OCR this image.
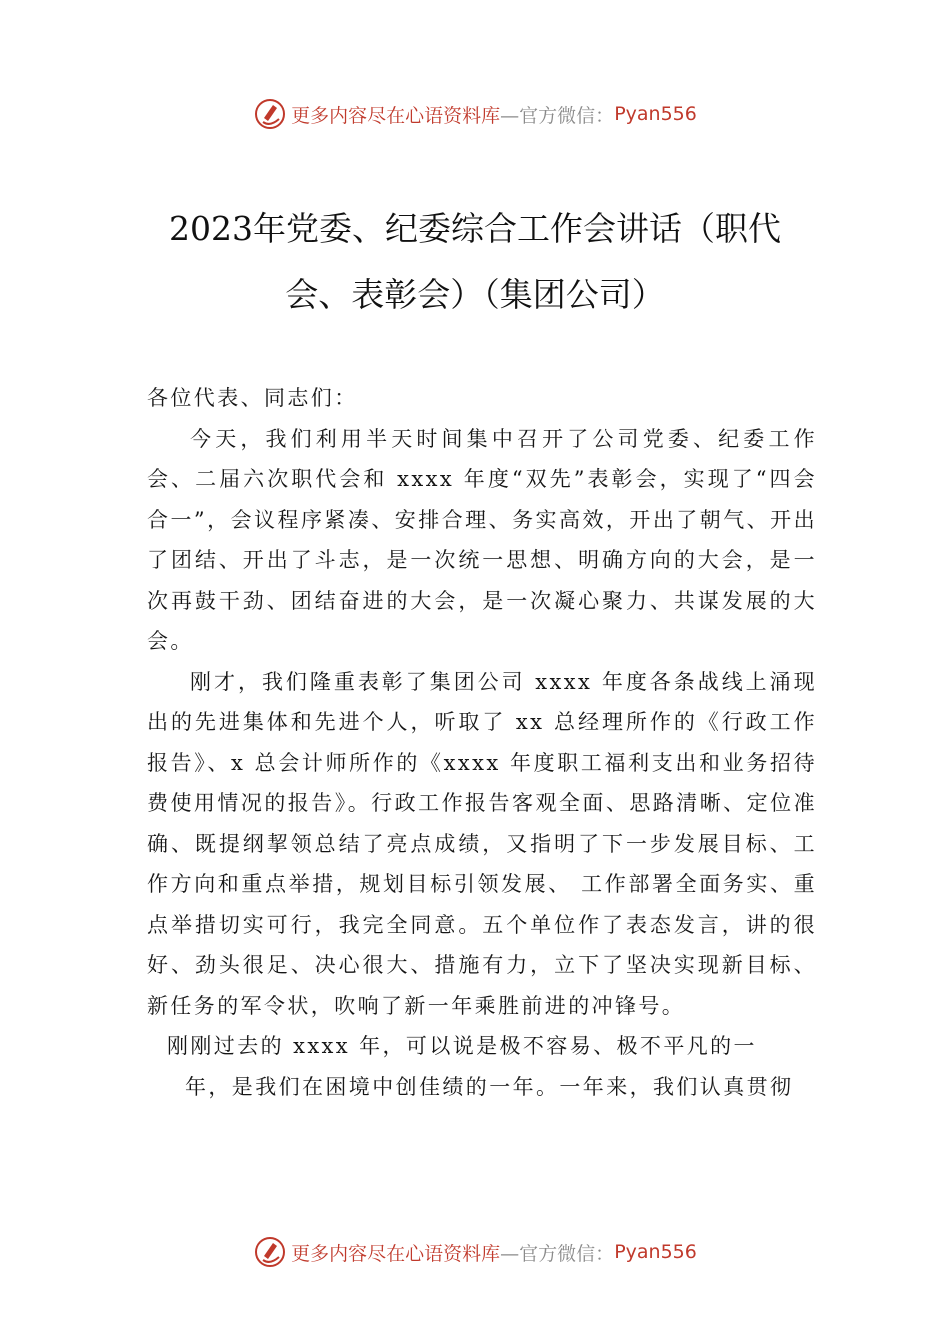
更多内容尽在心语资料库 —官方微信： Pyan556
2023年党委、纪委综合工作会讲话（职代
会、表彰会）（集团公司）

各位代表、同志们：

今天，我们利用半天时间集中召开了公司党委、纪委工作会、二届六次职代会和 xxxx 年度“双先”表彰会，实现了“四会合一”，会议程序紧凑、安排合理、务实高效，开出了朝气、开出了团结、开出了斗志，是一次统一思想、明确方向的大会，是一次再鼓干劲、团结奋进的大会，是一次凝心聚力、共谋发展的大会。

刚才，我们隆重表彰了集团公司 xxxx 年度各条战线上涌现出的先进集体和先进个人，听取了 xx 总经理所作的《行政工作报告》、x 总会计师所作的《xxxx 年度职工福利支出和业务招待费使用情况的报告》。行政工作报告客观全面、思路清晰、定位准确、既提纲挈领总结了亮点成绩，又指明了下一步发展目标、工作方向和重点举措，规划目标引领发展、 工作部署全面务实、重点举措切实可行，我完全同意。五个单位作了表态发言，讲的很好、劲头很足、决心很大、措施有力，立下了坚决实现新目标、新任务的军令状，吹响了新一年乘胜前进的冲锋号。

刚刚过去的 xxxx 年，可以说是极不容易、极不平凡的一
年，是我们在困境中创佳绩的一年。一年来，我们认真贯彻

更多内容尽在心语资料库 —官方微信： Pyan556
